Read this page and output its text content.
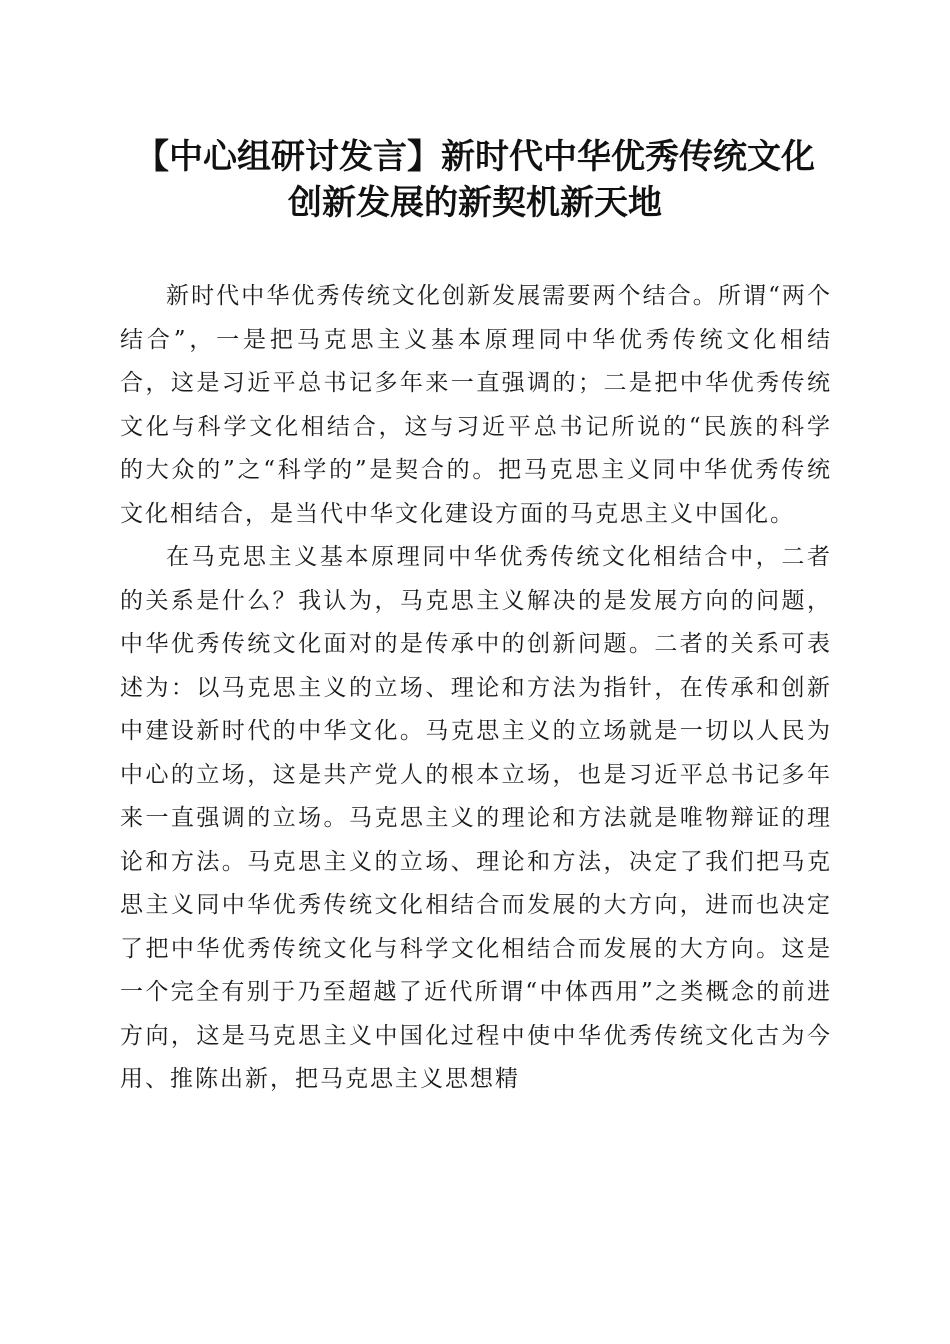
【中心组研讨发言】新时代中华优秀传统文化
创新发展的新契机新天地

新时代中华优秀传统文化创新发展需要两个结合。所谓“两个结合”，一是把马克思主义基本原理同中华优秀传统文化相结合，这是习近平总书记多年来一直强调的；二是把中华优秀传统文化与科学文化相结合，这与习近平总书记所说的“民族的科学的大众的”之“科学的”是契合的。把马克思主义同中华优秀传统文化相结合，是当代中华文化建设方面的马克思主义中国化。

在马克思主义基本原理同中华优秀传统文化相结合中，二者的关系是什么？我认为，马克思主义解决的是发展方向的问题，中华优秀传统文化面对的是传承中的创新问题。二者的关系可表述为：以马克思主义的立场、理论和方法为指针，在传承和创新中建设新时代的中华文化。马克思主义的立场就是一切以人民为中心的立场，这是共产党人的根本立场，也是习近平总书记多年来一直强调的立场。马克思主义的理论和方法就是唯物辩证的理论和方法。马克思主义的立场、理论和方法，决定了我们把马克思主义同中华优秀传统文化相结合而发展的大方向，进而也决定了把中华优秀传统文化与科学文化相结合而发展的大方向。这是一个完全有别于乃至超越了近代所谓“中体西用”之类概念的前进方向，这是马克思主义中国化过程中使中华优秀传统文化古为今用、推陈出新，把马克思主义思想精
